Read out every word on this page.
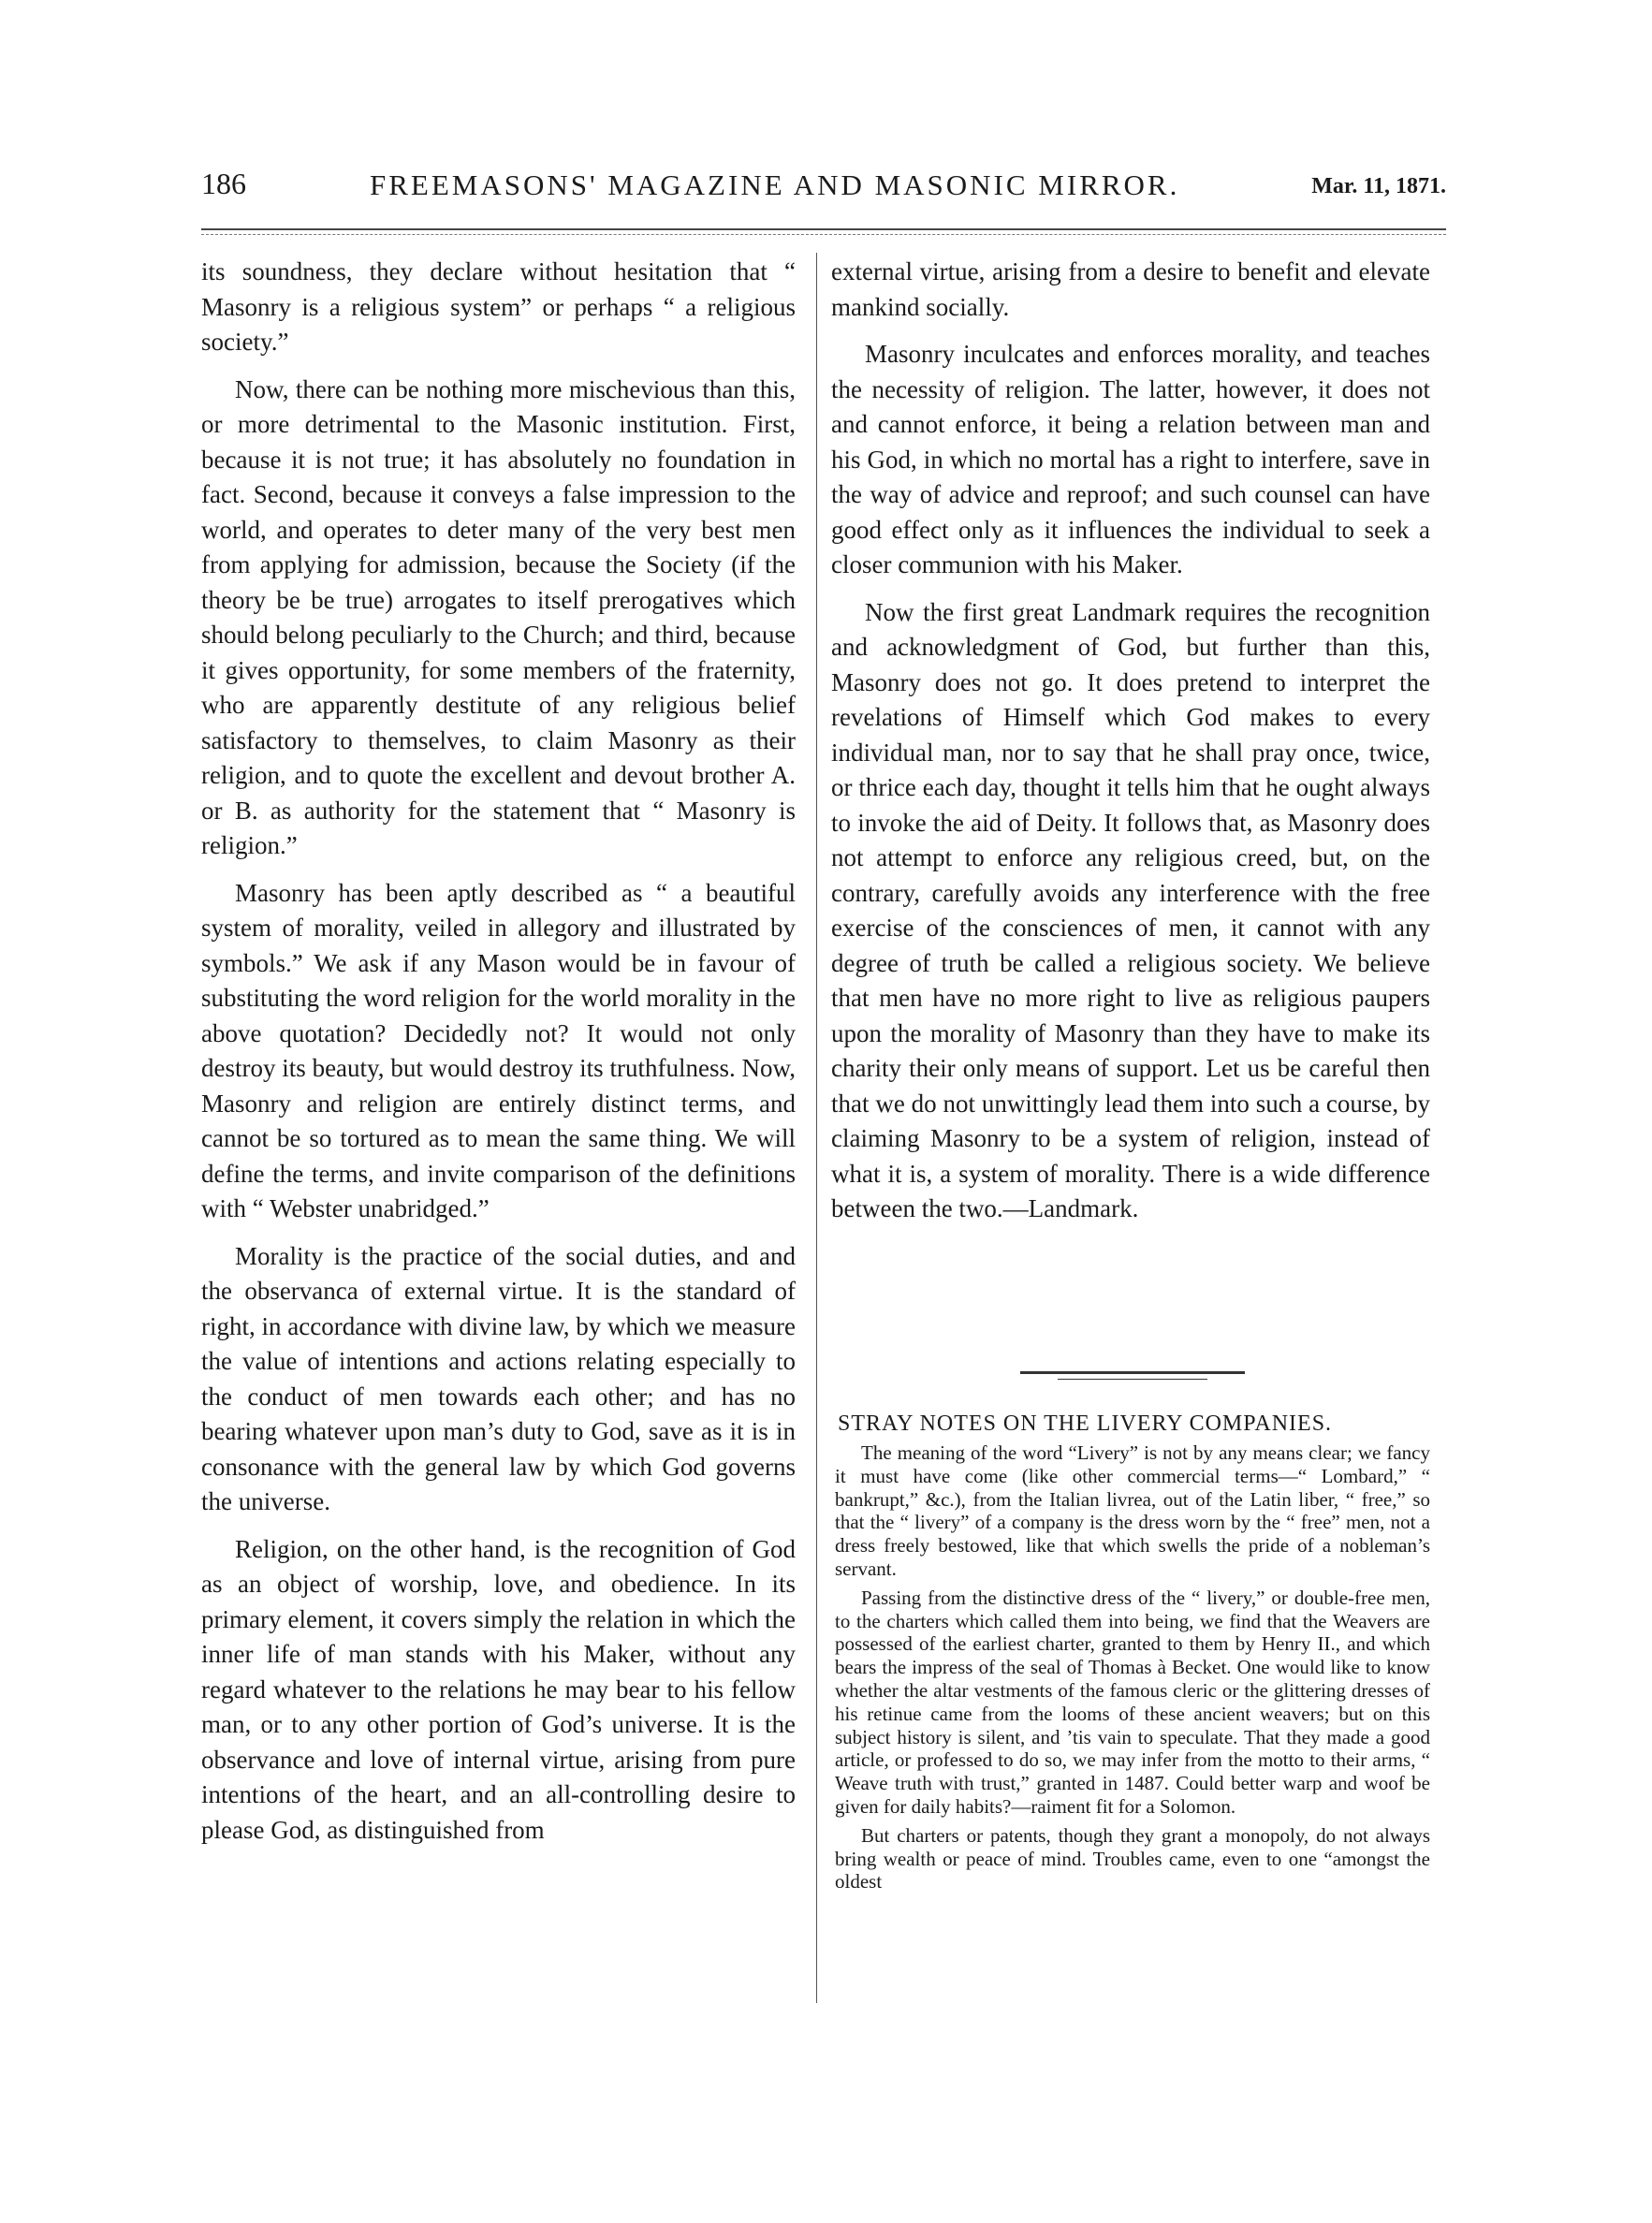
186	FREEMASONS' MAGAZINE AND MASONIC MIRROR.	Mar. 11, 1871.

its soundness, they declare without hesitation that “ Masonry is a religious system” or perhaps “ a religious society.”

Now, there can be nothing more mischevious than this, or more detrimental to the Masonic institution. First, because it is not true; it has absolutely no foundation in fact. Second, because it conveys a false impression to the world, and operates to deter many of the very best men from applying for admission, because the Society (if the theory be be true) arrogates to itself prerogatives which should belong peculiarly to the Church; and third, because it gives opportunity, for some members of the fraternity, who are apparently destitute of any religious belief satisfactory to themselves, to claim Masonry as their religion, and to quote the excellent and devout brother A. or B. as authority for the statement that “ Masonry is religion.”

Masonry has been aptly described as “ a beautiful system of morality, veiled in allegory and illustrated by symbols.” We ask if any Mason would be in favour of substituting the word religion for the world morality in the above quotation? Decidedly not? It would not only destroy its beauty, but would destroy its truthfulness. Now, Masonry and religion are entirely distinct terms, and cannot be so tortured as to mean the same thing. We will define the terms, and invite comparison of the definitions with “ Webster unabridged.”

Morality is the practice of the social duties, and and the observanca of external virtue. It is the standard of right, in accordance with divine law, by which we measure the value of intentions and actions relating especially to the conduct of men towards each other; and has no bearing whatever upon man’s duty to God, save as it is in consonance with the general law by which God governs the universe.

Religion, on the other hand, is the recognition of God as an object of worship, love, and obedience. In its primary element, it covers simply the relation in which the inner life of man stands with his Maker, without any regard whatever to the relations he may bear to his fellow man, or to any other portion of God’s universe. It is the observance and love of internal virtue, arising from pure intentions of the heart, and an all-controlling desire to please God, as distinguished from

external virtue, arising from a desire to benefit and elevate mankind socially.

Masonry inculcates and enforces morality, and teaches the necessity of religion. The latter, however, it does not and cannot enforce, it being a relation between man and his God, in which no mortal has a right to interfere, save in the way of advice and reproof; and such counsel can have good effect only as it influences the individual to seek a closer communion with his Maker.

Now the first great Landmark requires the recognition and acknowledgment of God, but further than this, Masonry does not go. It does pretend to interpret the revelations of Himself which God makes to every individual man, nor to say that he shall pray once, twice, or thrice each day, thought it tells him that he ought always to invoke the aid of Deity. It follows that, as Masonry does not attempt to enforce any religious creed, but, on the contrary, carefully avoids any interference with the free exercise of the consciences of men, it cannot with any degree of truth be called a religious society. We believe that men have no more right to live as religious paupers upon the morality of Masonry than they have to make its charity their only means of support. Let us be careful then that we do not unwittingly lead them into such a course, by claiming Masonry to be a system of religion, instead of what it is, a system of morality. There is a wide difference between the two.—Landmark.

STRAY NOTES ON THE LIVERY COMPANIES.

The meaning of the word “Livery” is not by any means clear; we fancy it must have come (like other commercial terms—“ Lombard,” “ bankrupt,” &c.), from the Italian livrea, out of the Latin liber, “ free,” so that the “ livery” of a company is the dress worn by the “ free” men, not a dress freely bestowed, like that which swells the pride of a nobleman’s servant.

Passing from the distinctive dress of the “ livery,” or double-free men, to the charters which called them into being, we find that the Weavers are possessed of the earliest charter, granted to them by Henry II., and which bears the impress of the seal of Thomas à Becket. One would like to know whether the altar vestments of the famous cleric or the glittering dresses of his retinue came from the looms of these ancient weavers; but on this subject history is silent, and ’tis vain to speculate. That they made a good article, or professed to do so, we may infer from the motto to their arms, “ Weave truth with trust,” granted in 1487. Could better warp and woof be given for daily habits?—raiment fit for a Solomon.

But charters or patents, though they grant a monopoly, do not always bring wealth or peace of mind. Troubles came, even to one “amongst the oldest
